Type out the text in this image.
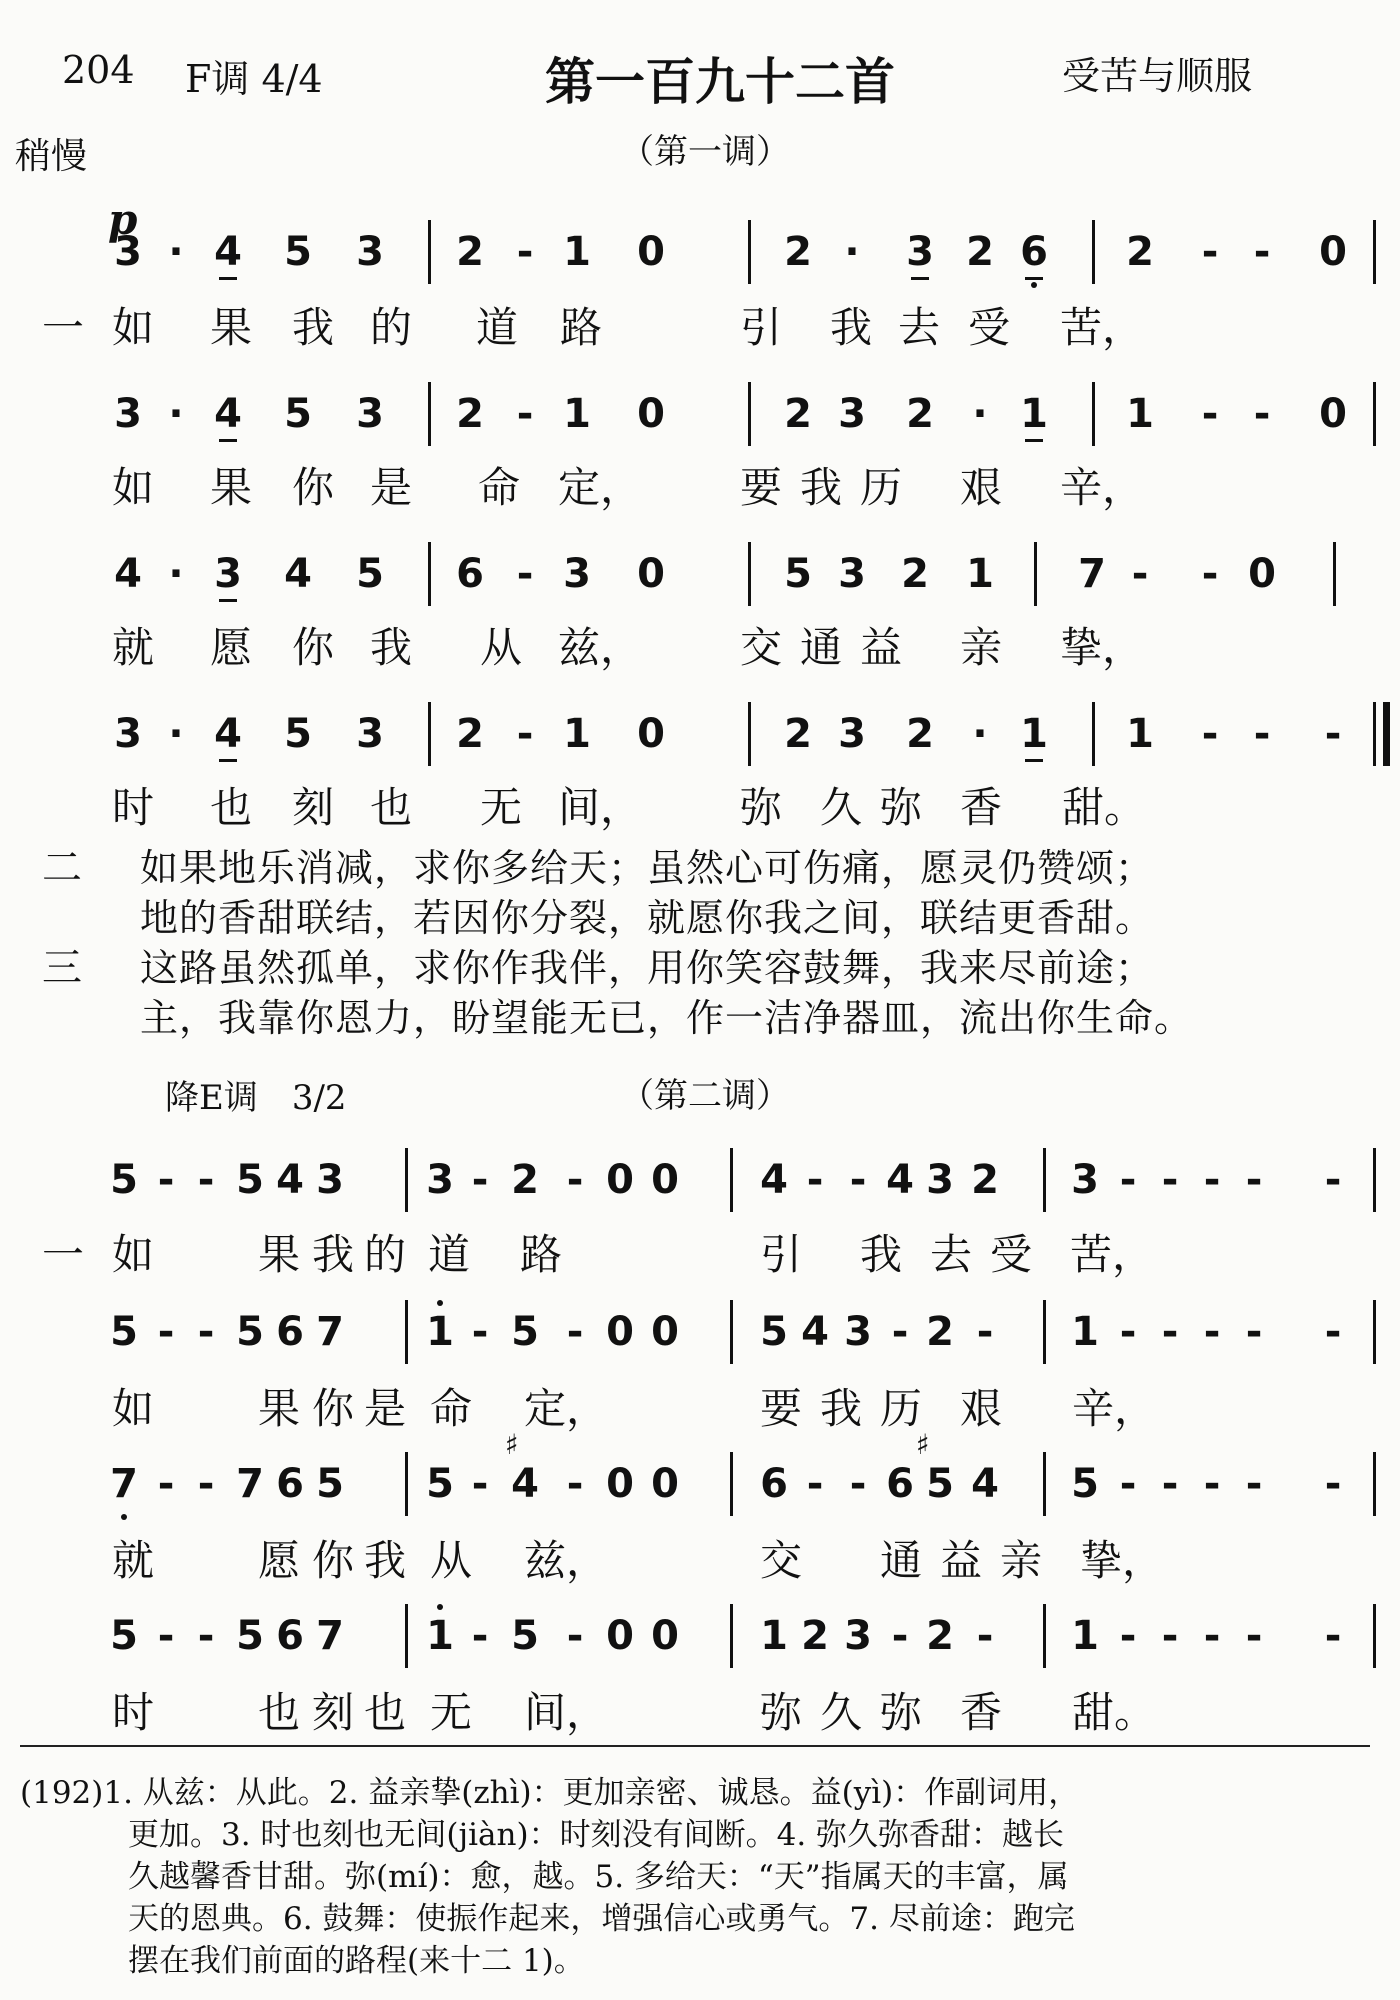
204 F调 4/4	第一百九十二首	受苦与顺服
稍慢	（第一调）
p
3 · 4 5 3 2 - 1 0	2 · 3 2 6 2 - - 0
一 如 果 我 的 道 路	引 我 去 受 苦，
3 · 4 5 3 2 - 1 0	2 3 2 · 1 1 - - 0
如 果 你 是 命 定， 要 我 历 艰 辛，
4 · 3 4 5 6 - 3 0	5 3 2 1 7 - - 0
就 愿 你 我 从 兹， 交 通 益 亲 挚，
3 · 4 5 3 2 - 1 0	2 3 2 · 1 1 - - -
时 也 刻 也 无 间， 弥 久 弥 香 甜。
二 如果地乐消减，求你多给天；虽然心可伤痛，愿灵仍赞颂；
地的香甜联结，若因你分裂，就愿你我之间，联结更香甜。
三 这路虽然孤单，求你作我伴，用你笑容鼓舞，我来尽前途；
主，我靠你恩力，盼望能无已，作一洁净器皿，流出你生命。
降E调　3/2	（第二调）
5 - - 5 4 3 3 - 2 - 0 0 4 - - 4 3 2 3 - - - - -
一 如 果 我 的 道 路	引 我 去 受 苦，
5 - - 5 6 7 1 - 5 - 0 0 5 4 3 - 2 - 1 - - - - -
如 果 你 是 命 定，	要 我 历 艰 辛，
7 - - 7 6 5 5 - 4 - 0 0 6 - - 6 5 4 5 - - - - -
就 愿 你 我 从 兹，	交 通 益 亲 挚，
5 - - 5 6 7 1 - 5 - 0 0 1 2 3 - 2 - 1 - - - - -
时 也 刻 也 无 间，	弥 久 弥 香 甜。
(192)1. 从兹：从此。2. 益亲挚(zhì)：更加亲密、诚恳。益(yì)：作副词用，
更加。3. 时也刻也无间(jiàn)：时刻没有间断。4. 弥久弥香甜：越长
久越馨香甘甜。弥(mí)：愈，越。5. 多给天：“天”指属天的丰富，属
天的恩典。6. 鼓舞：使振作起来，增强信心或勇气。7. 尽前途：跑完
摆在我们前面的路程(来十二 1)。
♯	♯
